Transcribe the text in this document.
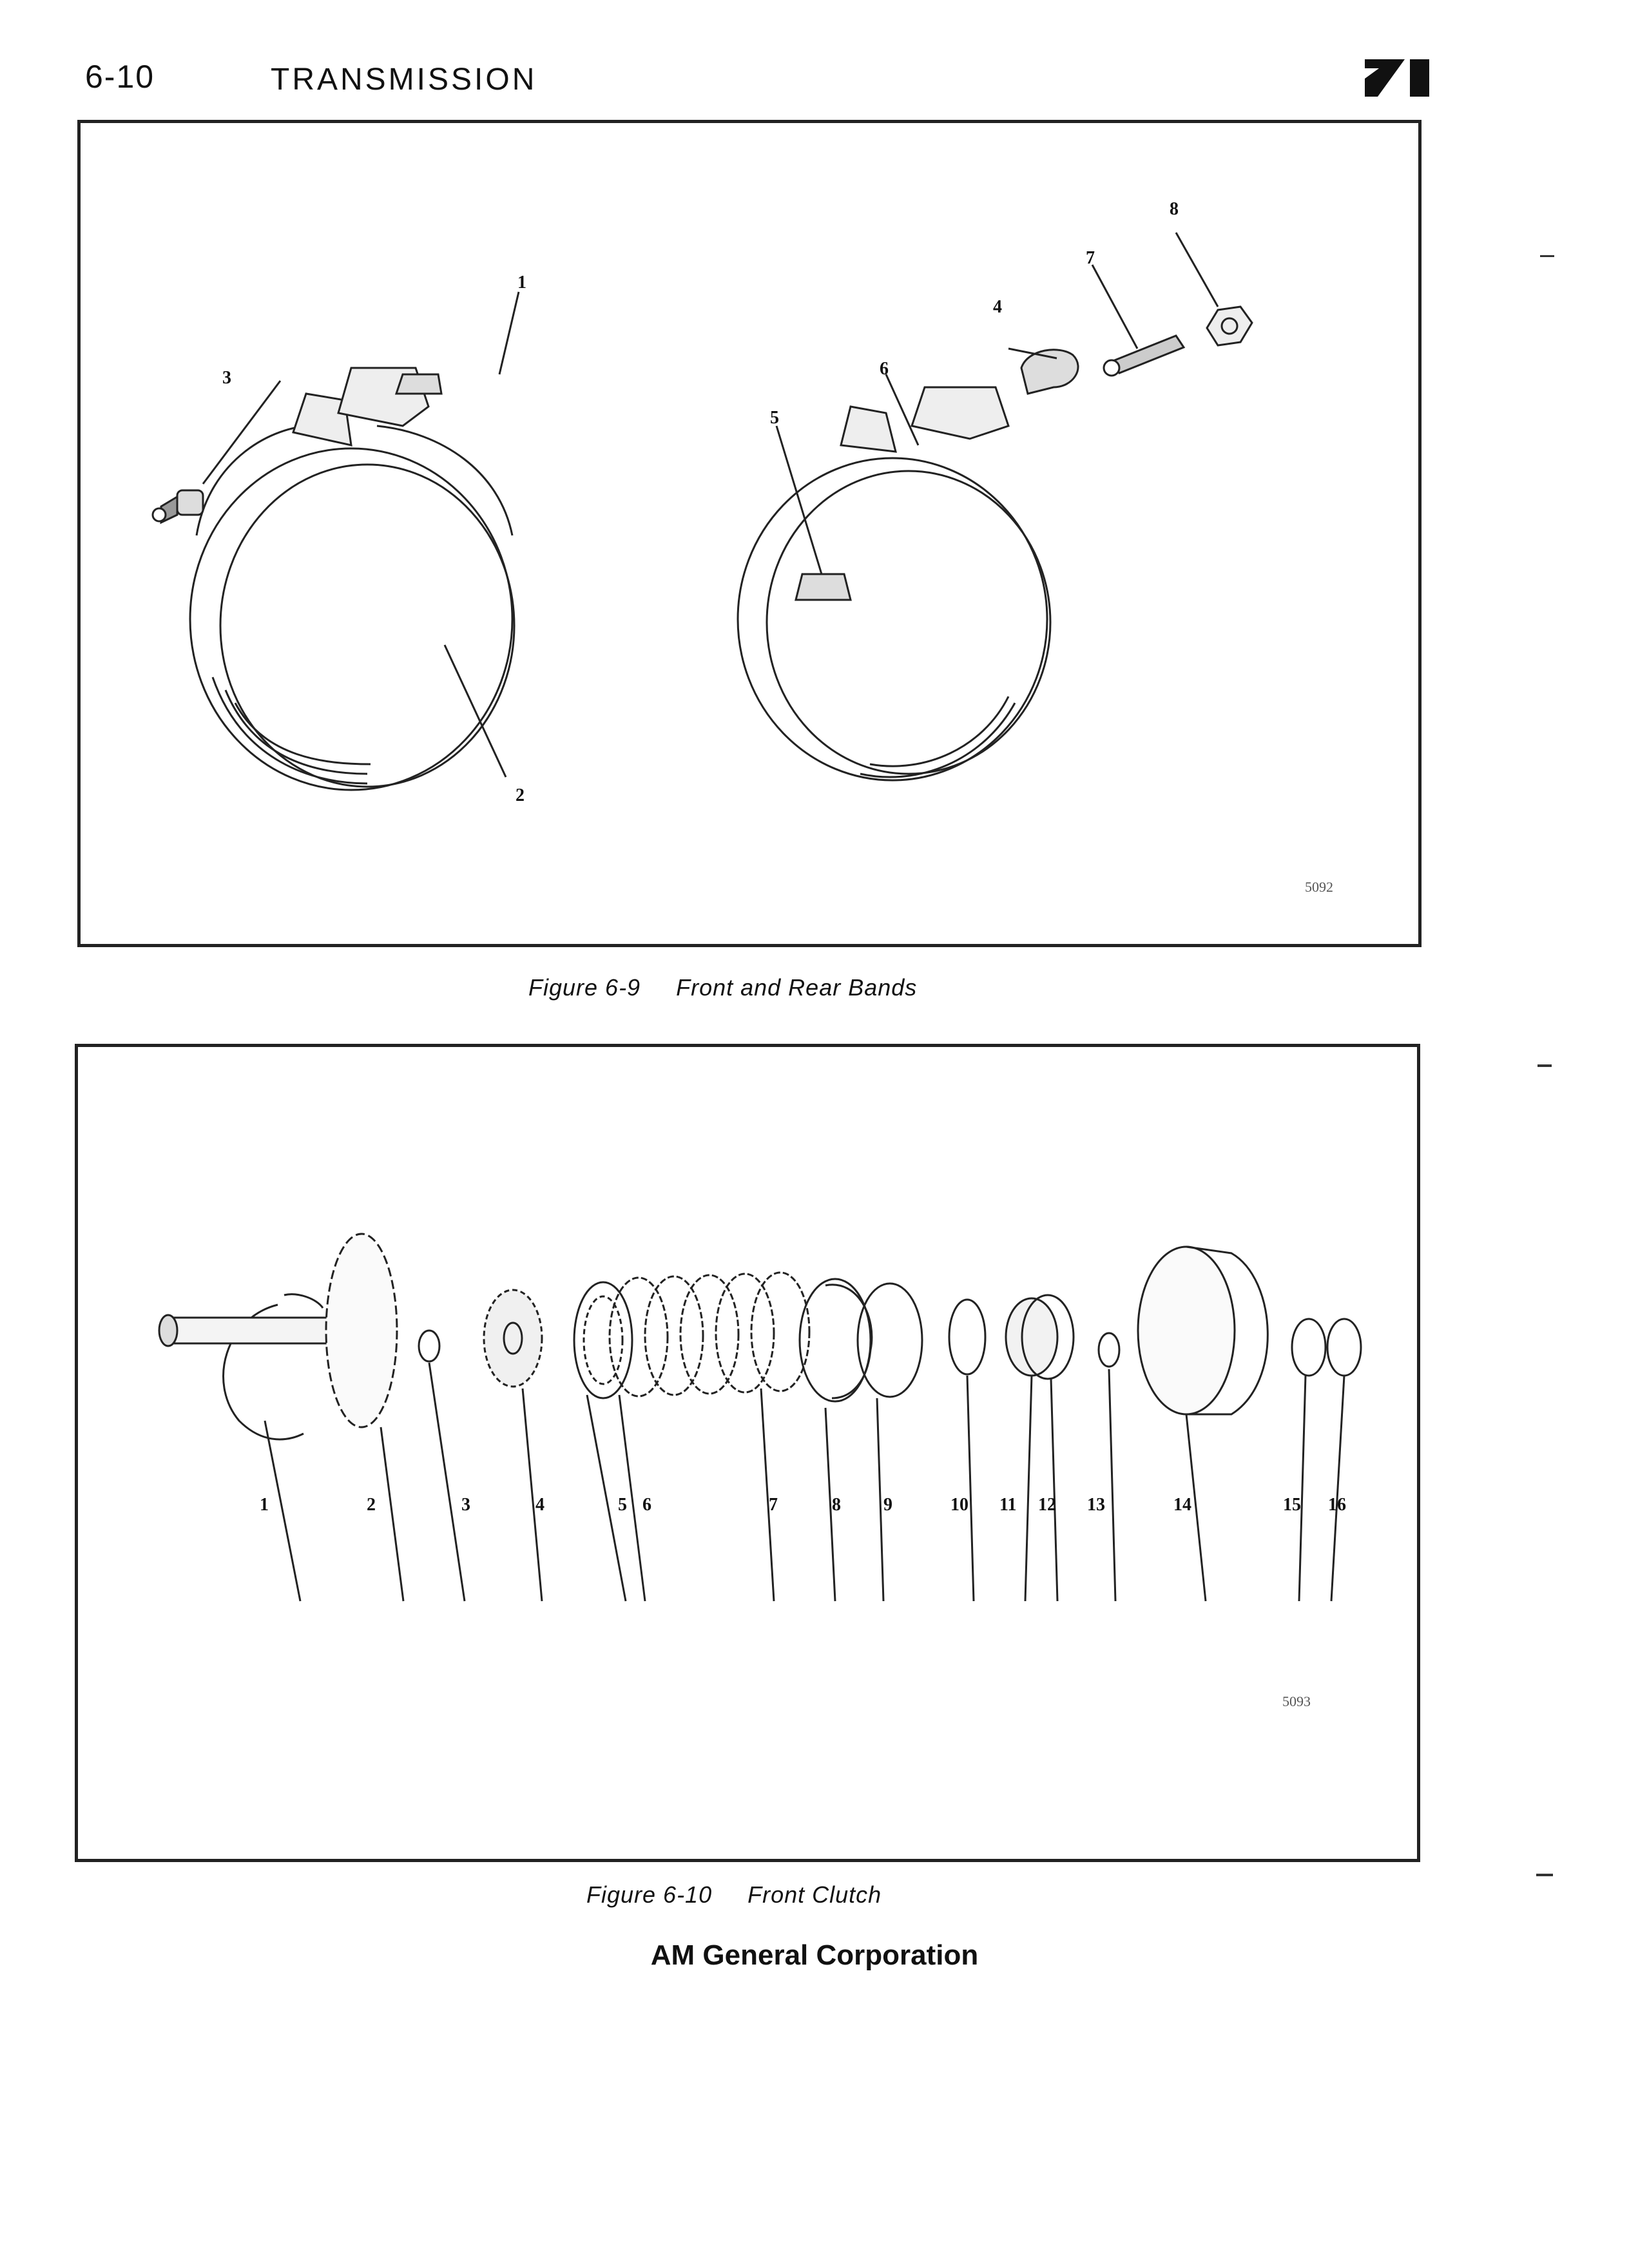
6-10	TRANSMISSION
1
2
3
4
5
6
7
8
5092
Figure 6-9     Front and Rear Bands
1	2	3	4	5 6	7	8 9	10 11 12 13	14	15 16
5093
Figure 6-10     Front Clutch
AM General Corporation
